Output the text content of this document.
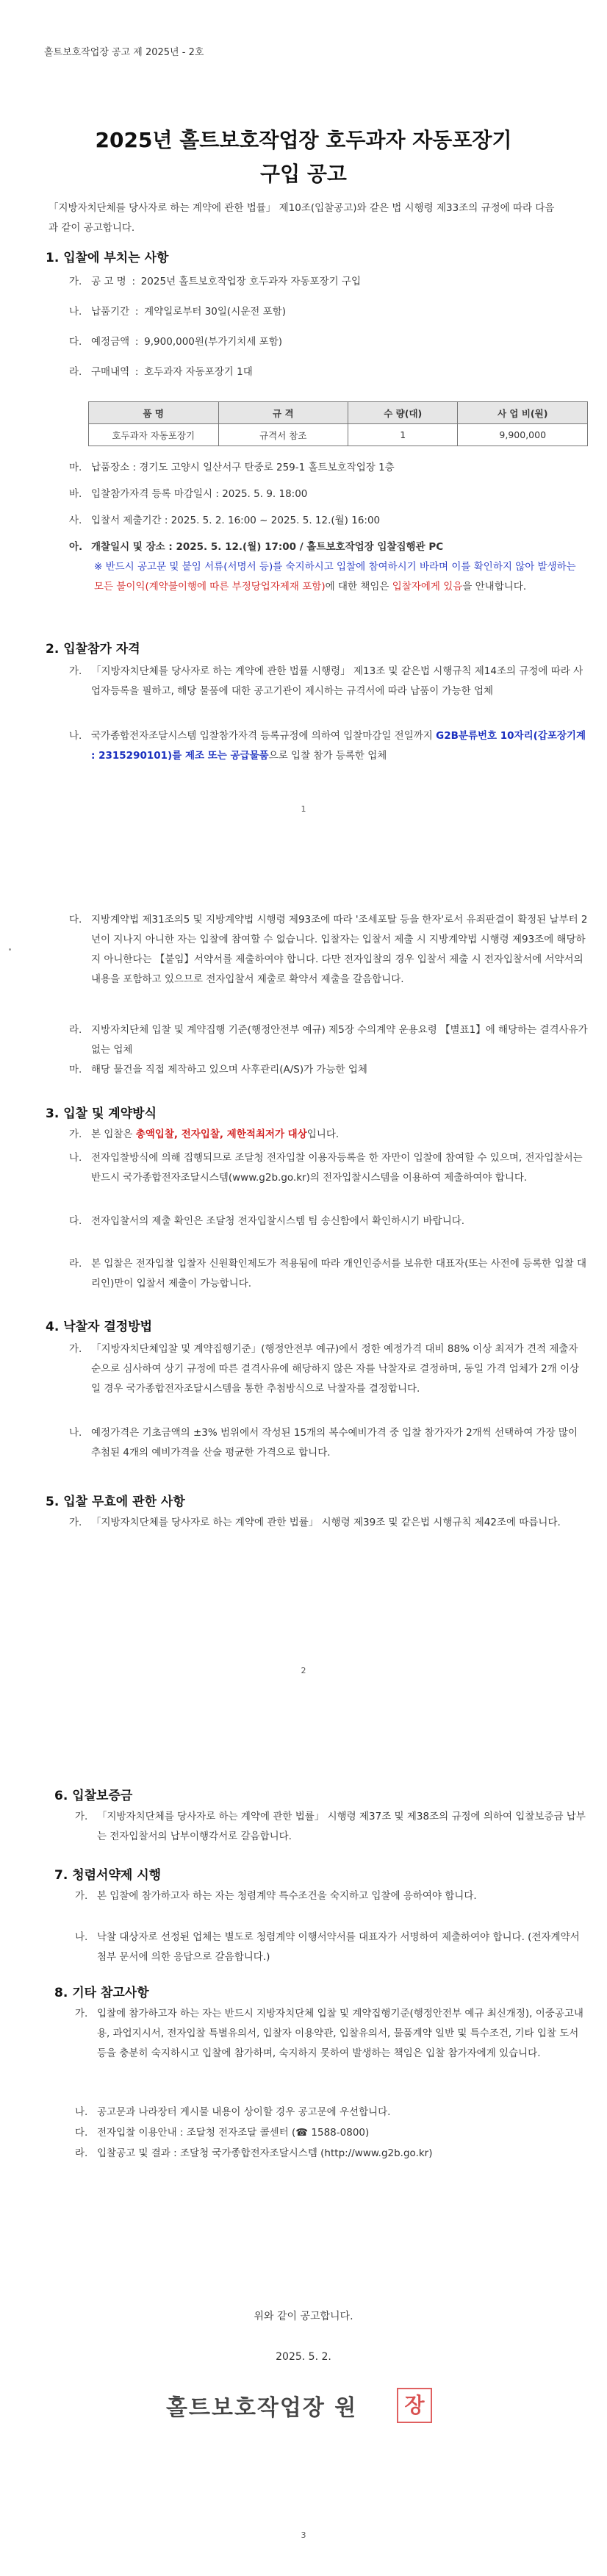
홀트보호작업장 공고 제 2025년 - 2호
2025년 홀트보호작업장 호두과자 자동포장기
구입 공고
「지방자치단체를 당사자로 하는 계약에 관한 법률」 제10조(입찰공고)와 같은 법 시행령 제33조의 규정에 따라 다음과 같이 공고합니다.
1. 입찰에 부치는 사항
가. 공 고 명 : 2025년 홀트보호작업장 호두과자 자동포장기 구입
나. 납품기간 : 계약일로부터 30일(시운전 포함)
다. 예정금액 : 9,900,000원(부가기치세 포함)
라. 구매내역 : 호두과자 자동포장기 1대
품 명	규 격	수 량(대)	사 업 비(원)
호두과자 자동포장기	규격서 참조	1	9,900,000
마. 납품장소 : 경기도 고양시 일산서구 탄중로 259-1 홀트보호작업장 1층
바. 입찰참가자격 등록 마감일시 : 2025. 5. 9. 18:00
사. 입찰서 제출기간 : 2025. 5. 2. 16:00 ~ 2025. 5. 12.(월) 16:00
아. 개찰일시 및 장소 : 2025. 5. 12.(월) 17:00 / 홀트보호작업장 입찰집행관 PC
※ 반드시 공고문 및 붙임 서류(서명서 등)를 숙지하시고 입찰에 참여하시기 바라며 이를 확인하지 않아 발생하는 모든 불이익(계약불이행에 따른 부정당업자제재 포함)에 대한 책임은 입찰자에게 있음을 안내합니다.
2. 입찰참가 자격
가. 「지방자치단체를 당사자로 하는 계약에 관한 법률 시행령」 제13조 및 같은법 시행규칙 제14조의 규정에 따라 사업자등록을 필하고, 해당 물품에 대한 공고기관이 제시하는 규격서에 따라 납품이 가능한 업체
나. 국가종합전자조달시스템 입찰참가자격 등록규정에 의하여 입찰마감일 전일까지 G2B분류번호 10자리(갑포장기계 : 2315290101)를 제조 또는 공급물품으로 입찰 참가 등록한 업체
1
다. 지방계약법 제31조의5 및 지방계약법 시행령 제93조에 따라 '조세포탈 등을 한자'로서 유죄판결이 확정된 날부터 2년이 지나지 아니한 자는 입찰에 참여할 수 없습니다. 입찰자는 입찰서 제출 시 지방계약법 시행령 제93조에 해당하지 아니한다는 【붙임】서약서를 제출하여야 합니다. 다만 전자입찰의 경우 입찰서 제출 시 전자입찰서에 서약서의 내용을 포함하고 있으므로 전자입찰서 제출로 확약서 제출을 갈음합니다.
라. 지방자치단체 입찰 및 계약집행 기준(행정안전부 예규) 제5장 수의계약 운용요령 【별표1】에 해당하는 결격사유가 없는 업체
마. 해당 물건을 직접 제작하고 있으며 사후관리(A/S)가 가능한 업체
3. 입찰 및 계약방식
가. 본 입찰은 총액입찰, 전자입찰, 제한적최저가 대상입니다.
나. 전자입찰방식에 의해 집행되므로 조달청 전자입찰 이용자등록을 한 자만이 입찰에 참여할 수 있으며, 전자입찰서는 반드시 국가종합전자조달시스템(www.g2b.go.kr)의 전자입찰시스템을 이용하여 제출하여야 합니다.
다. 전자입찰서의 제출 확인은 조달청 전자입찰시스템 팀 송신함에서 확인하시기 바랍니다.
라. 본 입찰은 전자입찰 입찰자 신원확인제도가 적용됨에 따라 개인인증서를 보유한 대표자(또는 사전에 등록한 입찰 대리인)만이 입찰서 제출이 가능합니다.
4. 낙찰자 결정방법
가. 「지방자치단체입찰 및 계약집행기준」(행정안전부 예규)에서 정한 예정가격 대비 88% 이상 최저가 견적 제출자 순으로 심사하여 상기 규정에 따른 결격사유에 해당하지 않은 자를 낙찰자로 결정하며, 동일 가격 업체가 2개 이상일 경우 국가종합전자조달시스템을 통한 추첨방식으로 낙찰자를 결정합니다.
나. 예정가격은 기초금액의 ±3% 범위에서 작성된 15개의 복수예비가격 중 입찰 참가자가 2개씩 선택하여 가장 많이 추첨된 4개의 예비가격을 산술 평균한 가격으로 합니다.
5. 입찰 무효에 관한 사항
가. 「지방자치단체를 당사자로 하는 계약에 관한 법률」 시행령 제39조 및 같은법 시행규칙 제42조에 따릅니다.
2
6. 입찰보증금
가. 「지방자치단체를 당사자로 하는 계약에 관한 법률」 시행령 제37조 및 제38조의 규정에 의하여 입찰보증금 납부는 전자입찰서의 납부이행각서로 갈음합니다.
7. 청렴서약제 시행
가. 본 입찰에 참가하고자 하는 자는 청렴계약 특수조건을 숙지하고 입찰에 응하여야 합니다.
나. 낙찰 대상자로 선정된 업체는 별도로 청렴계약 이행서약서를 대표자가 서명하여 제출하여야 합니다. (전자계약서 첨부 문서에 의한 응답으로 갈음합니다.)
8. 기타 참고사항
가. 입찰에 참가하고자 하는 자는 반드시 지방자치단체 입찰 및 계약집행기준(행정안전부 예규 최신개정), 이중공고내용, 과업지시서, 전자입찰 특별유의서, 입찰자 이용약관, 입찰유의서, 물품계약 일반 및 특수조건, 기타 입찰 도서 등을 충분히 숙지하시고 입찰에 참가하며, 숙지하지 못하여 발생하는 책임은 입찰 참가자에게 있습니다.
나. 공고문과 나라장터 게시물 내용이 상이할 경우 공고문에 우선합니다.
다. 전자입찰 이용안내 : 조달청 전자조달 콜센터 (☎ 1588-0800)
라. 입찰공고 및 결과 : 조달청 국가종합전자조달시스템 (http://www.g2b.go.kr)
위와 같이 공고합니다.
2025. 5. 2.
홀트보호작업장 원	장
3
